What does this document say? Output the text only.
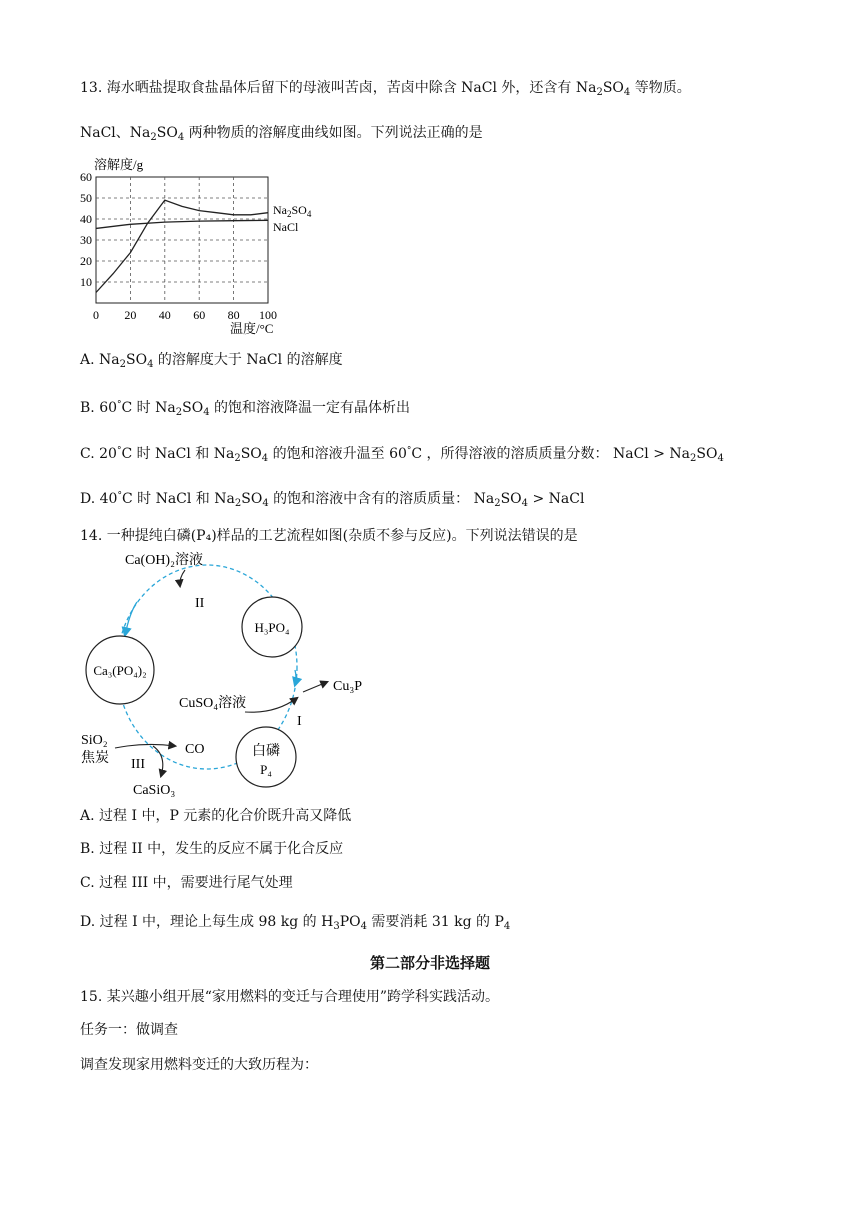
13. 海水晒盐提取食盐晶体后留下的母液叫苦卤，苦卤中除含 NaCl 外，还含有 $Na_2SO_4$ 等物质。
NaCl、$Na_2SO_4$ 两种物质的溶解度曲线如图。下列说法正确的是
溶解度/g
10
20
30
40
50
60
0 20 40 60 80 100
$Na_2SO_4$
NaCl
温度/°C
A. $Na_2SO_4$ 的溶解度大于 NaCl 的溶解度
B. 60°C 时 $Na_2SO_4$ 的饱和溶液降温一定有晶体析出
C. 20°C 时 NaCl 和 $Na_2SO_4$ 的饱和溶液升温至 60°C ，所得溶液的溶质质量分数： NaCl > $Na_2SO_4$
D. 40°C 时 NaCl 和 $Na_2SO_4$ 的饱和溶液中含有的溶质质量： $Na_2SO_4$ > NaCl
14. 一种提纯白磷(P₄)样品的工艺流程如图(杂质不参与反应)。下列说法错误的是
Ca(OH)₂溶液
II
H₃PO₄
Ca₃(PO₄)₂
CuSO₄溶液
Cu₃P
I
SiO₂
焦炭
CO
III
CaSiO₃
白磷
P₄
A. 过程 I 中，P 元素的化合价既升高又降低
B. 过程 II 中，发生的反应不属于化合反应
C. 过程 III 中，需要进行尾气处理
D. 过程 I 中，理论上每生成 98 kg 的 $H_3PO_4$ 需要消耗 31 kg 的 $P_4$
第二部分非选择题
15. 某兴趣小组开展“家用燃料的变迁与合理使用”跨学科实践活动。
任务一：做调查
调查发现家用燃料变迁的大致历程为：
